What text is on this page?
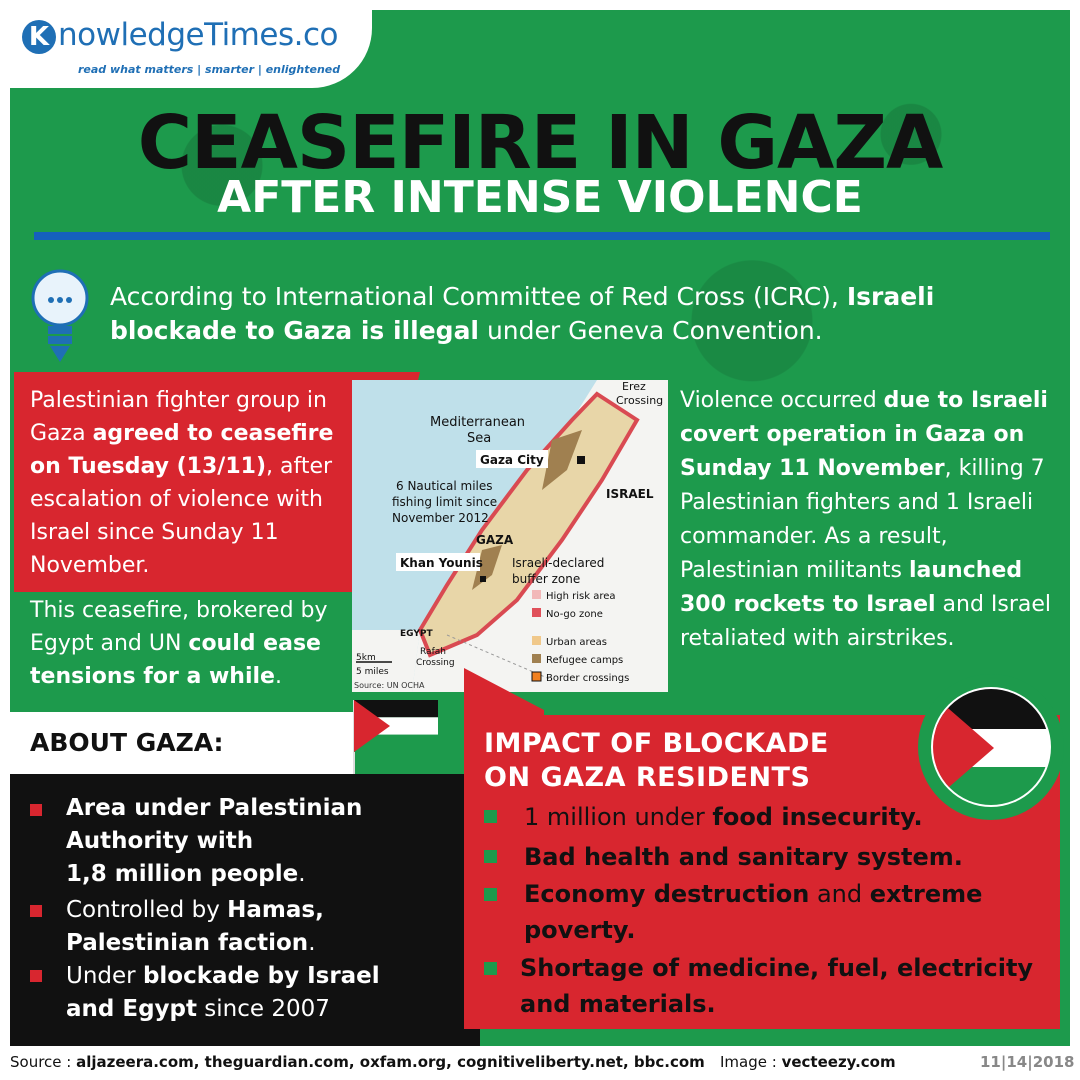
K nowledgeTimes.co
read what matters | smarter | enlightened
CEASEFIRE IN GAZA
AFTER INTENSE VIOLENCE
According to International Committee of Red Cross (ICRC), Israeli blockade to Gaza is illegal under Geneva Convention.
Palestinian fighter group in Gaza agreed to ceasefire on Tuesday (13/11), after escalation of violence with Israel since Sunday 11 November.
This ceasefire, brokered by Egypt and UN could ease tensions for a while.
Erez
Crossing
Mediterranean
Sea
Gaza City
ISRAEL
6 Nautical miles
fishing limit since
November 2012
GAZA
Khan Younis Israeli-declared
buffer zone
High risk area
No-go zone
Urban areas
Refugee camps
Border crossings
EGYPT
Rafah
Crossing
5km
5 miles
Source: UN OCHA
Violence occurred due to Israeli covert operation in Gaza on Sunday 11 November, killing 7 Palestinian fighters and 1 Israeli commander. As a result, Palestinian militants launched 300 rockets to Israel and Israel retaliated with airstrikes.
ABOUT GAZA:
Area under Palestinian
Authority with
1,8 million people.
Controlled by Hamas,
Palestinian faction.
Under blockade by Israel
and Egypt since 2007
IMPACT OF BLOCKADE
ON GAZA RESIDENTS
1 million under food insecurity.
Bad health and sanitary system.
Economy destruction and extreme
poverty.
Shortage of medicine, fuel, electricity
and materials.
Source : aljazeera.com, theguardian.com, oxfam.org, cognitiveliberty.net, bbc.com Image : vecteezy.com	11|14|2018
